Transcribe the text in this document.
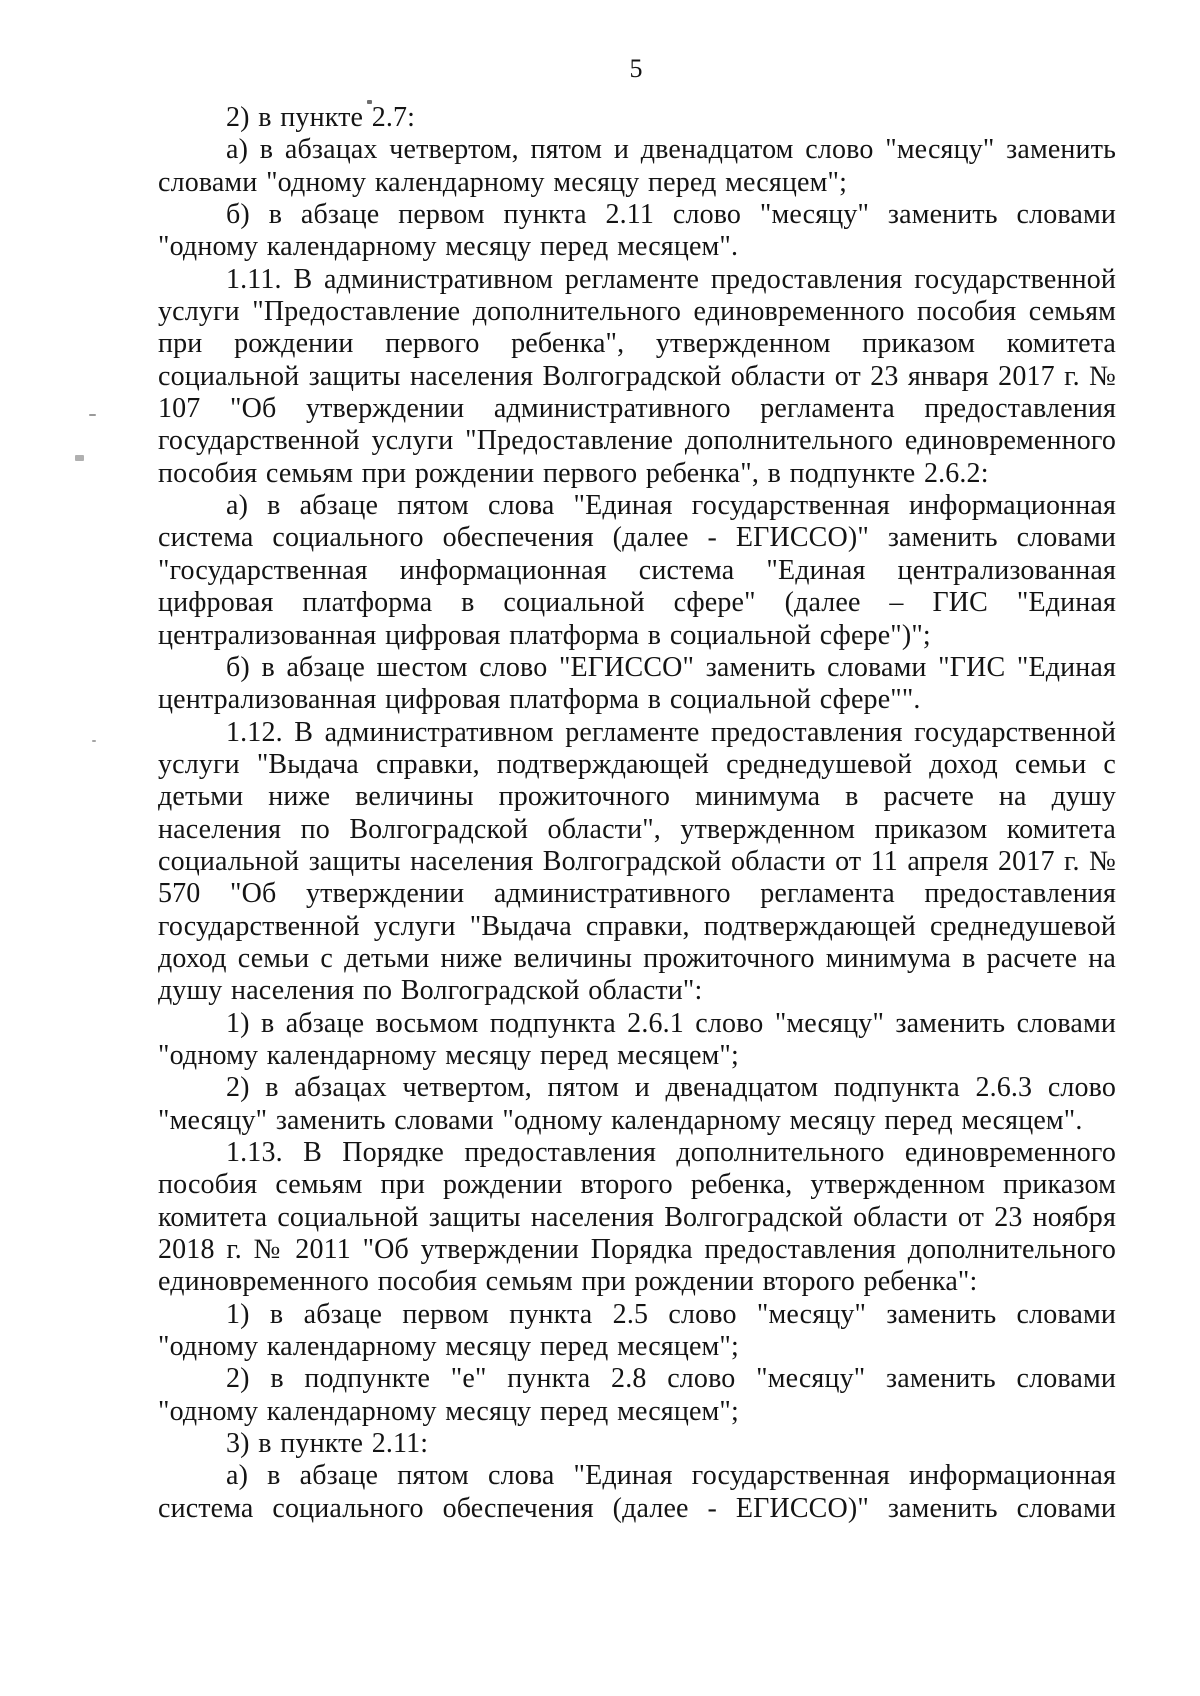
5

2) в пункте 2.7:

а) в абзацах четвертом, пятом и двенадцатом слово "месяцу" заменить словами "одному календарному месяцу перед месяцем";

б) в абзаце первом пункта 2.11 слово "месяцу" заменить словами "одному календарному месяцу перед месяцем".

1.11. В административном регламенте предоставления государственной услуги "Предоставление дополнительного единовременного пособия семьям при рождении первого ребенка", утвержденном приказом комитета социальной защиты населения Волгоградской области от 23 января 2017 г. № 107 "Об утверждении административного регламента предоставления государственной услуги "Предоставление дополнительного единовременного пособия семьям при рождении первого ребенка", в подпункте 2.6.2:

а) в абзаце пятом слова "Единая государственная информационная система социального обеспечения (далее - ЕГИССО)" заменить словами "государственная информационная система "Единая централизованная цифровая платформа в социальной сфере" (далее – ГИС "Единая централизованная цифровая платформа в социальной сфере")";

б) в абзаце шестом слово "ЕГИССО" заменить словами "ГИС "Единая централизованная цифровая платформа в социальной сфере"".

1.12. В административном регламенте предоставления государственной услуги "Выдача справки, подтверждающей среднедушевой доход семьи с детьми ниже величины прожиточного минимума в расчете на душу населения по Волгоградской области", утвержденном приказом комитета социальной защиты населения Волгоградской области от 11 апреля 2017 г. № 570 "Об утверждении административного регламента предоставления государственной услуги "Выдача справки, подтверждающей среднедушевой доход семьи с детьми ниже величины прожиточного минимума в расчете на душу населения по Волгоградской области":

1) в абзаце восьмом подпункта 2.6.1 слово "месяцу" заменить словами "одному календарному месяцу перед месяцем";

2) в абзацах четвертом, пятом и двенадцатом подпункта 2.6.3 слово "месяцу" заменить словами "одному календарному месяцу перед месяцем".

1.13. В Порядке предоставления дополнительного единовременного пособия семьям при рождении второго ребенка, утвержденном приказом комитета социальной защиты населения Волгоградской области от 23 ноября 2018 г. № 2011 "Об утверждении Порядка предоставления дополнительного единовременного пособия семьям при рождении второго ребенка":

1) в абзаце первом пункта 2.5 слово "месяцу" заменить словами "одному календарному месяцу перед месяцем";

2) в подпункте "е" пункта 2.8 слово "месяцу" заменить словами "одному календарному месяцу перед месяцем";

3) в пункте 2.11:

а) в абзаце пятом слова "Единая государственная информационная система социального обеспечения (далее - ЕГИССО)" заменить словами
